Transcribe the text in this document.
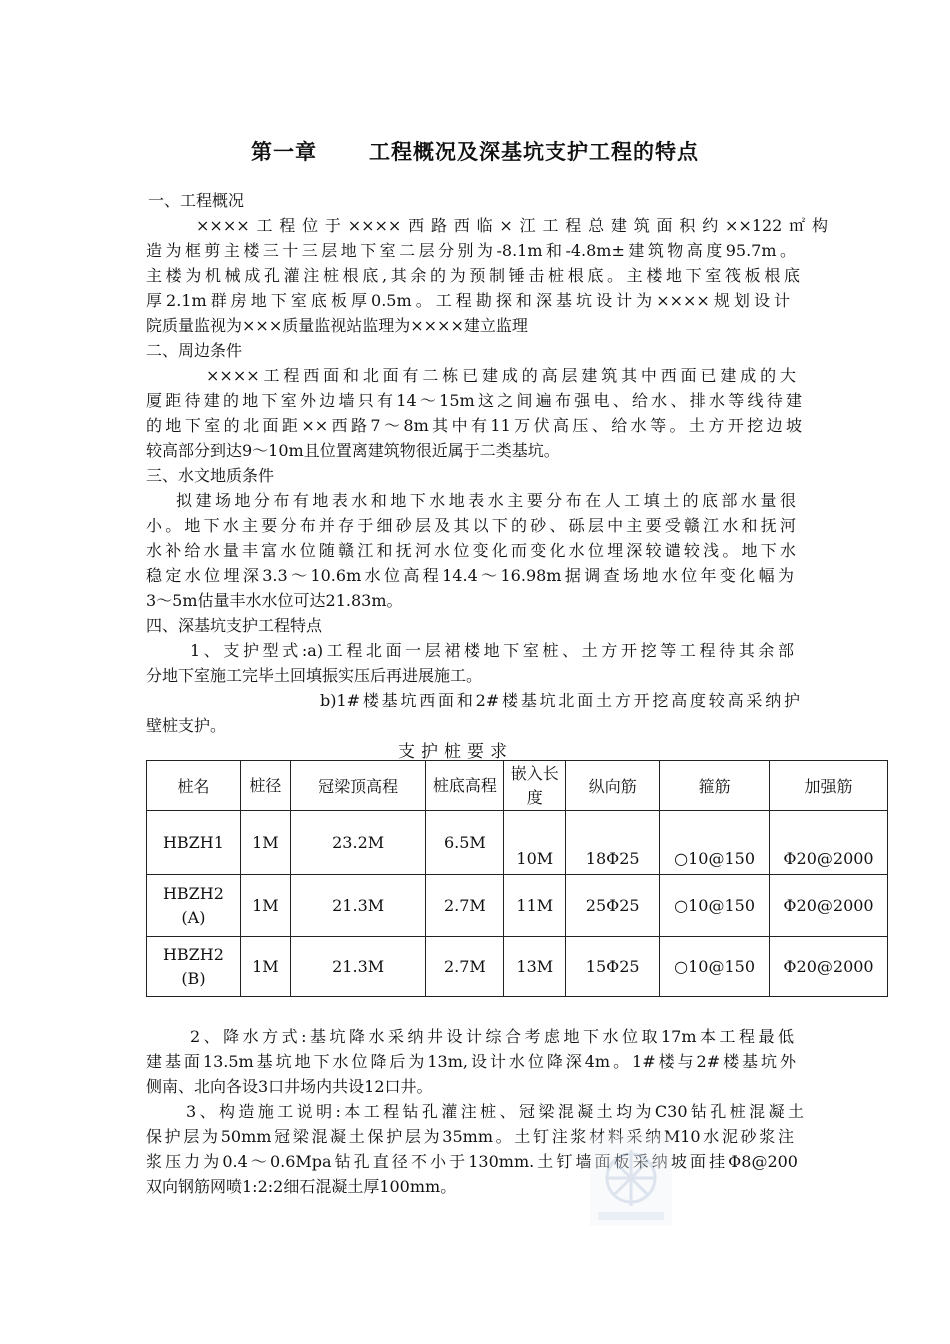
第一章 工程概况及深基坑支护工程的特点
一、工程概况
××××工程位于××××西路西临×江工程总建筑面积约××122㎡构
造为框剪主楼三十三层地下室二层分别为-8.1m和-4.8m±建筑物高度95.7m。
主楼为机械成孔灌注桩根底,其余的为预制锤击桩根底。主楼地下室筏板根底
厚2.1m群房地下室底板厚0.5m。工程勘探和深基坑设计为××××规划设计
院质量监视为×××质量监视站监理为××××建立监理
二、周边条件
××××工程西面和北面有二栋已建成的高层建筑其中西面已建成的大
厦距待建的地下室外边墙只有14～15m这之间遍布强电、给水、排水等线待建
的地下室的北面距××西路7～8m其中有11万伏高压、给水等。土方开挖边坡
较高部分到达9～10m且位置离建筑物很近属于二类基坑。
三、水文地质条件
拟建场地分布有地表水和地下水地表水主要分布在人工填土的底部水量很
小。地下水主要分布并存于细砂层及其以下的砂、砾层中主要受赣江水和抚河
水补给水量丰富水位随赣江和抚河水位变化而变化水位埋深较谴较浅。地下水
稳定水位埋深3.3～10.6m水位高程14.4～16.98m据调查场地水位年变化幅为
3～5m估量丰水水位可达21.83m。
四、深基坑支护工程特点
1、支护型式:a)工程北面一层裙楼地下室桩、土方开挖等工程待其余部
分地下室施工完毕土回填振实压后再进展施工。
b)1#楼基坑西面和2#楼基坑北面土方开挖高度较高采纳护
壁桩支护。
支护桩要求
桩名	桩径	冠梁顶高程	桩底高程	嵌入长度	纵向筋	箍筋	加强筋
HBZH1	1M	23.2M	6.5M	10M	18Φ25	○10@150	Φ20@2000
HBZH2(A)	1M	21.3M	2.7M	11M	25Φ25	○10@150	Φ20@2000
HBZH2(B)	1M	21.3M	2.7M	13M	15Φ25	○10@150	Φ20@2000
2、降水方式:基坑降水采纳井设计综合考虑地下水位取17m本工程最低
建基面13.5m基坑地下水位降后为13m,设计水位降深4m。1#楼与2#楼基坑外
侧南、北向各设3口井场内共设12口井。
3、构造施工说明:本工程钻孔灌注桩、冠梁混凝土均为C30钻孔桩混凝土
保护层为50mm冠梁混凝土保护层为35mm。土钉注浆材料采纳M10水泥砂浆注
浆压力为0.4～0.6Mpa钻孔直径不小于130mm.土钉墙面板采纳坡面挂Φ8@200
双向钢筋网喷1:2:2细石混凝土厚100mm。
